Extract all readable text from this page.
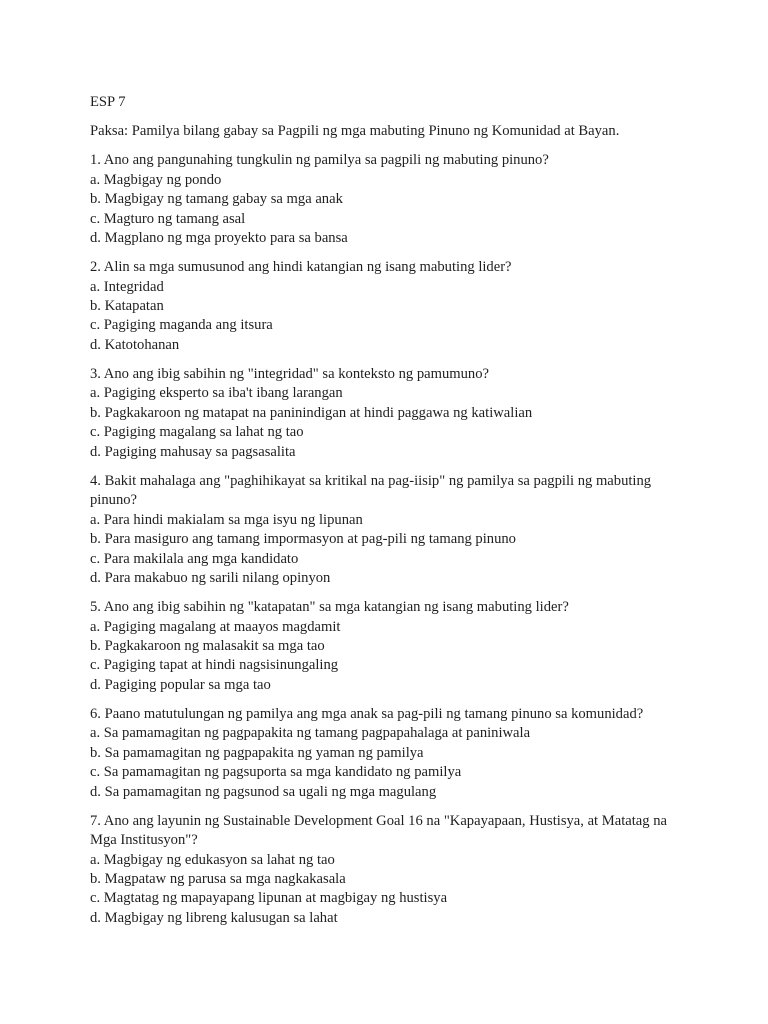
ESP 7
Paksa: Pamilya bilang gabay sa Pagpili ng mga mabuting Pinuno ng Komunidad at Bayan.
1. Ano ang pangunahing tungkulin ng pamilya sa pagpili ng mabuting pinuno?
a. Magbigay ng pondo
b. Magbigay ng tamang gabay sa mga anak
c. Magturo ng tamang asal
d. Magplano ng mga proyekto para sa bansa
2. Alin sa mga sumusunod ang hindi katangian ng isang mabuting lider?
a. Integridad
b. Katapatan
c. Pagiging maganda ang itsura
d. Katotohanan
3. Ano ang ibig sabihin ng "integridad" sa konteksto ng pamumuno?
a. Pagiging eksperto sa iba't ibang larangan
b. Pagkakaroon ng matapat na paninindigan at hindi paggawa ng katiwalian
c. Pagiging magalang sa lahat ng tao
d. Pagiging mahusay sa pagsasalita
4. Bakit mahalaga ang "paghihikayat sa kritikal na pag-iisip" ng pamilya sa pagpili ng mabuting pinuno?
a. Para hindi makialam sa mga isyu ng lipunan
b. Para masiguro ang tamang impormasyon at pag-pili ng tamang pinuno
c. Para makilala ang mga kandidato
d. Para makabuo ng sarili nilang opinyon
5. Ano ang ibig sabihin ng "katapatan" sa mga katangian ng isang mabuting lider?
a. Pagiging magalang at maayos magdamit
b. Pagkakaroon ng malasakit sa mga tao
c. Pagiging tapat at hindi nagsisinungaling
d. Pagiging popular sa mga tao
6. Paano matutulungan ng pamilya ang mga anak sa pag-pili ng tamang pinuno sa komunidad?
a. Sa pamamagitan ng pagpapakita ng tamang pagpapahalaga at paniniwala
b. Sa pamamagitan ng pagpapakita ng yaman ng pamilya
c. Sa pamamagitan ng pagsuporta sa mga kandidato ng pamilya
d. Sa pamamagitan ng pagsunod sa ugali ng mga magulang
7. Ano ang layunin ng Sustainable Development Goal 16 na "Kapayapaan, Hustisya, at Matatag na Mga Institusyon"?
a. Magbigay ng edukasyon sa lahat ng tao
b. Magpataw ng parusa sa mga nagkakasala
c. Magtatag ng mapayapang lipunan at magbigay ng hustisya
d. Magbigay ng libreng kalusugan sa lahat
